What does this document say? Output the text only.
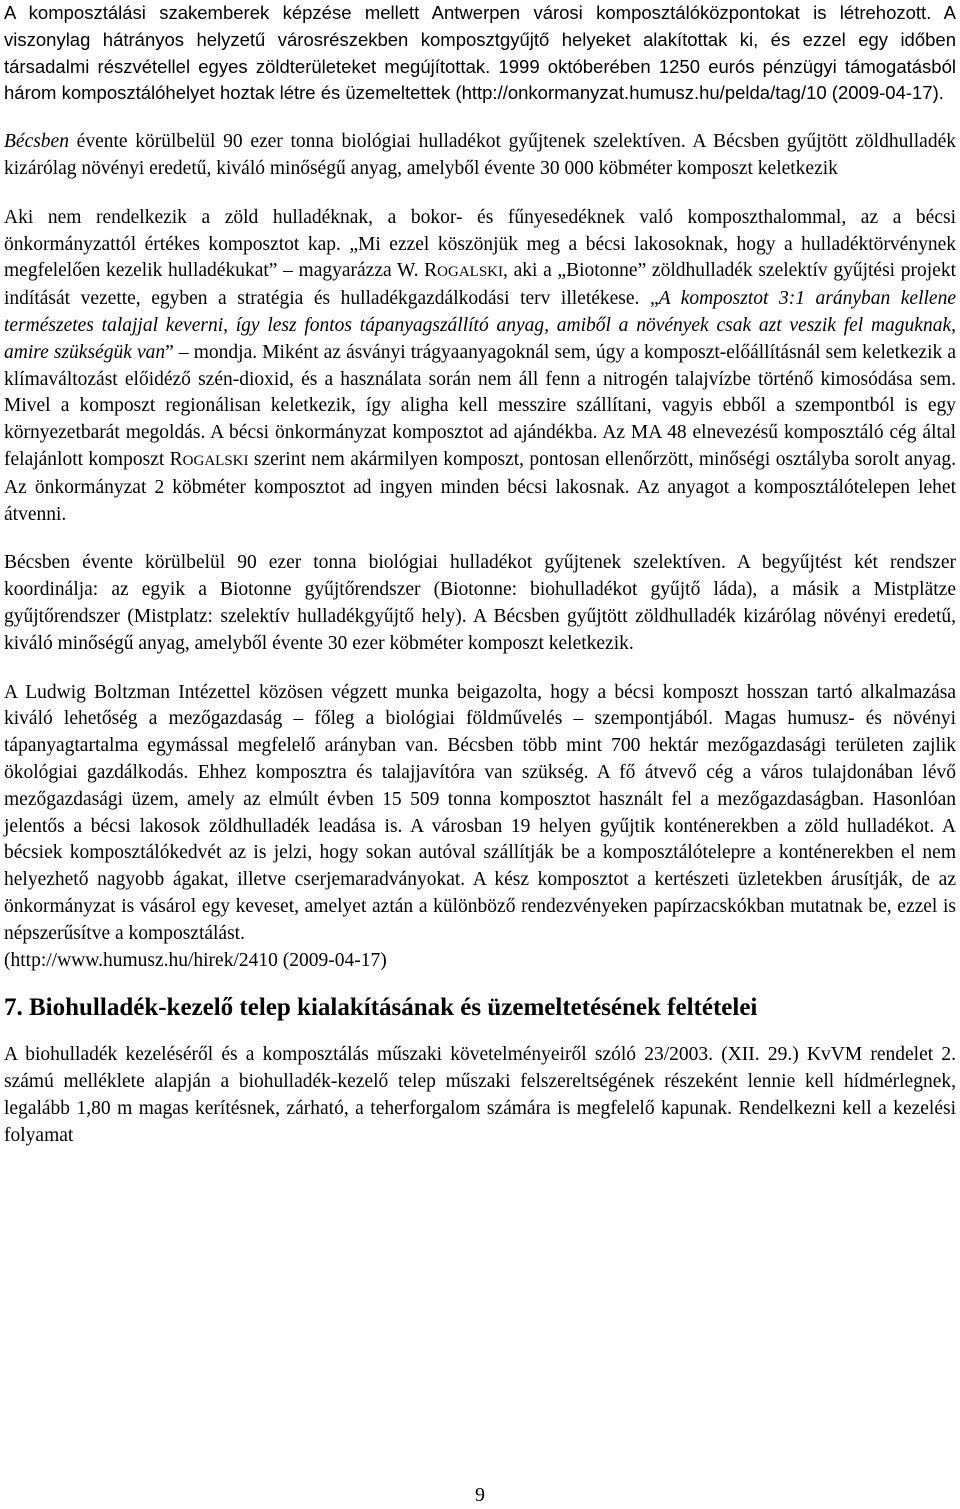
A komposztálási szakemberek képzése mellett Antwerpen városi komposztálóközpontokat is létrehozott. A viszonylag hátrányos helyzetű városrészekben komposztgyűjtő helyeket alakítottak ki, és ezzel egy időben társadalmi részvétellel egyes zöldterületeket megújítottak. 1999 októberében 1250 eurós pénzügyi támogatásból három komposztálóhelyet hoztak létre és üzemeltettek (http://onkormanyzat.humusz.hu/pelda/tag/10 (2009-04-17).

Bécsben évente körülbelül 90 ezer tonna biológiai hulladékot gyűjtenek szelektíven. A Bécsben gyűjtött zöldhulladék kizárólag növényi eredetű, kiváló minőségű anyag, amelyből évente 30 000 köbméter komposzt keletkezik

Aki nem rendelkezik a zöld hulladéknak, a bokor- és fűnyesedéknek való komposzthalommal, az a bécsi önkormányzattól értékes komposztot kap. „Mi ezzel köszönjük meg a bécsi lakosoknak, hogy a hulladéktörvénynek megfelelően kezelik hulladékukat” – magyarázza W. ROGALSKI, aki a „Biotonne” zöldhulladék szelektív gyűjtési projekt indítását vezette, egyben a stratégia és hulladékgazdálkodási terv illetékese. „A komposztot 3:1 arányban kellene természetes talajjal keverni, így lesz fontos tápanyagszállító anyag, amiből a növények csak azt veszik fel maguknak, amire szükségük van” – mondja. Miként az ásványi trágyaanyagoknál sem, úgy a komposzt-előállításnál sem keletkezik a klímaváltozást előidéző szén-dioxid, és a használata során nem áll fenn a nitrogén talajvízbe történő kimosódása sem. Mivel a komposzt regionálisan keletkezik, így aligha kell messzire szállítani, vagyis ebből a szempontból is egy környezetbarát megoldás. A bécsi önkormányzat komposztot ad ajándékba. Az MA 48 elnevezésű komposztáló cég által felajánlott komposzt ROGALSKI szerint nem akármilyen komposzt, pontosan ellenőrzött, minőségi osztályba sorolt anyag. Az önkormányzat 2 köbméter komposztot ad ingyen minden bécsi lakosnak. Az anyagot a komposztálótelepen lehet átvenni.

Bécsben évente körülbelül 90 ezer tonna biológiai hulladékot gyűjtenek szelektíven. A begyűjtést két rendszer koordinálja: az egyik a Biotonne gyűjtőrendszer (Biotonne: biohulladékot gyűjtő láda), a másik a Mistplätze gyűjtőrendszer (Mistplatz: szelektív hulladékgyűjtő hely). A Bécsben gyűjtött zöldhulladék kizárólag növényi eredetű, kiváló minőségű anyag, amelyből évente 30 ezer köbméter komposzt keletkezik.

A Ludwig Boltzman Intézettel közösen végzett munka beigazolta, hogy a bécsi komposzt hosszan tartó alkalmazása kiváló lehetőség a mezőgazdaság – főleg a biológiai földművelés – szempontjából. Magas humusz- és növényi tápanyagtartalma egymással megfelelő arányban van. Bécsben több mint 700 hektár mezőgazdasági területen zajlik ökológiai gazdálkodás. Ehhez komposztra és talajjavítóra van szükség. A fő átvevő cég a város tulajdonában lévő mezőgazdasági üzem, amely az elmúlt évben 15 509 tonna komposztot használt fel a mezőgazdaságban. Hasonlóan jelentős a bécsi lakosok zöldhulladék leadása is. A városban 19 helyen gyűjtik konténerekben a zöld hulladékot. A bécsiek komposztálókedvét az is jelzi, hogy sokan autóval szállítják be a komposztálótelepre a konténerekben el nem helyezhető nagyobb ágakat, illetve cserjemaradványokat. A kész komposztot a kertészeti üzletekben árusítják, de az önkormányzat is vásárol egy keveset, amelyet aztán a különböző rendezvényeken papírzacskókban mutatnak be, ezzel is népszerűsítve a komposztálást.

(http://www.humusz.hu/hirek/2410 (2009-04-17)

7. Biohulladék-kezelő telep kialakításának és üzemeltetésének feltételei

A biohulladék kezeléséről és a komposztálás műszaki követelményeiről szóló 23/2003. (XII. 29.) KvVM rendelet 2. számú melléklete alapján a biohulladék-kezelő telep műszaki felszereltségének részeként lennie kell hídmérlegnek, legalább 1,80 m magas kerítésnek, zárható, a teherforgalom számára is megfelelő kapunak. Rendelkezni kell a kezelési folyamat

9
